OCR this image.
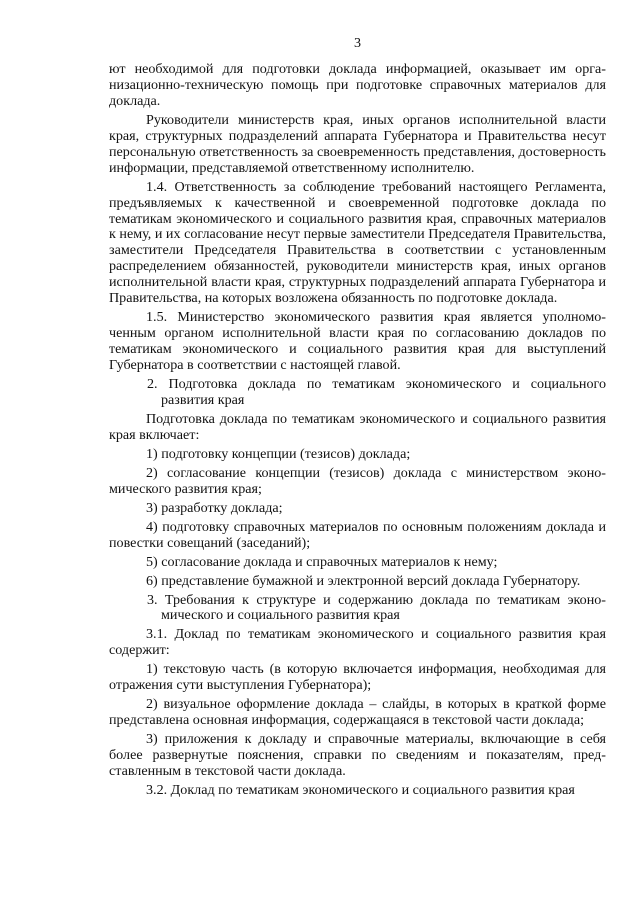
3

ют необходимой для подготовки доклада информацией, оказывает им организационно-техническую помощь при подготовке справочных материалов для доклада.

Руководители министерств края, иных органов исполнительной власти края, структурных подразделений аппарата Губернатора и Правительства несут персональную ответственность за своевременность представления, достоверность информации, представляемой ответственному исполнителю.

1.4. Ответственность за соблюдение требований настоящего Регламента, предъявляемых к качественной и своевременной подготовке доклада по тематикам экономического и социального развития края, справочных материалов к нему, и их согласование несут первые заместители Председателя Правительства, заместители Председателя Правительства в соответствии с установленным распределением обязанностей, руководители министерств края, иных органов исполнительной власти края, структурных подразделений аппарата Губернатора и Правительства, на которых возложена обязанность по подготовке доклада.

1.5. Министерство экономического развития края является уполномоченным органом исполнительной власти края по согласованию докладов по тематикам экономического и социального развития края для выступлений Губернатора в соответствии с настоящей главой.

2. Подготовка доклада по тематикам экономического и социального развития края

Подготовка доклада по тематикам экономического и социального развития края включает:

1) подготовку концепции (тезисов) доклада;

2) согласование концепции (тезисов) доклада с министерством экономического развития края;

3) разработку доклада;

4) подготовку справочных материалов по основным положениям доклада и повестки совещаний (заседаний);

5) согласование доклада и справочных материалов к нему;

6) представление бумажной и электронной версий доклада Губернатору.

3. Требования к структуре и содержанию доклада по тематикам экономического и социального развития края

3.1. Доклад по тематикам экономического и социального развития края содержит:

1) текстовую часть (в которую включается информация, необходимая для отражения сути выступления Губернатора);

2) визуальное оформление доклада – слайды, в которых в краткой форме представлена основная информация, содержащаяся в текстовой части доклада;

3) приложения к докладу и справочные материалы, включающие в себя более развернутые пояснения, справки по сведениям и показателям, представленным в текстовой части доклада.

3.2. Доклад по тематикам экономического и социального развития края
